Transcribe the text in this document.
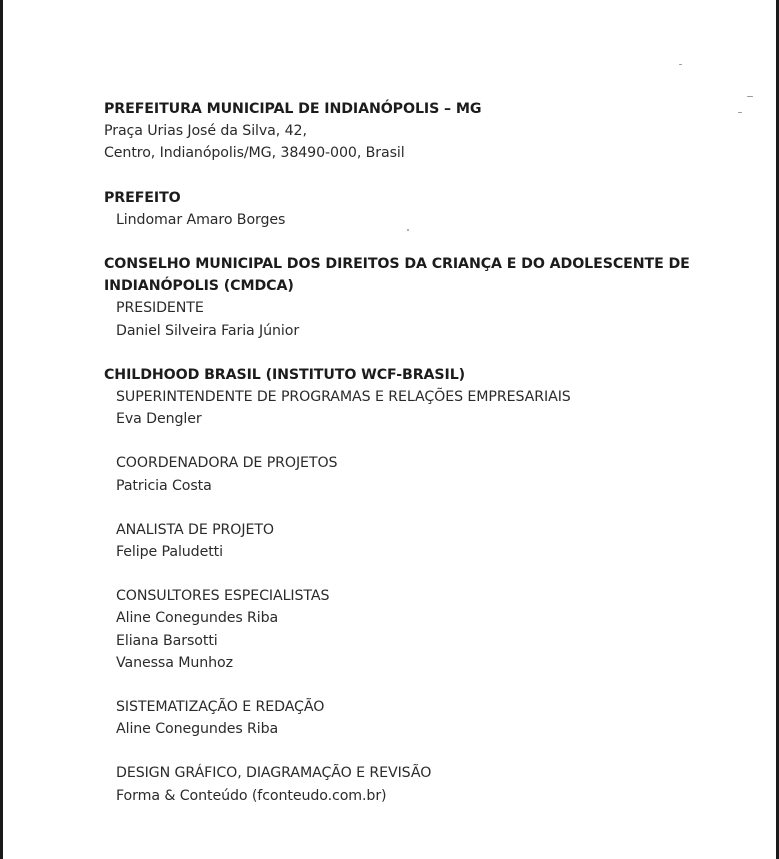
PREFEITURA MUNICIPAL DE INDIANÓPOLIS – MG
Praça Urias José da Silva, 42,
Centro, Indianópolis/MG, 38490-000, Brasil
PREFEITO
Lindomar Amaro Borges
CONSELHO MUNICIPAL DOS DIREITOS DA CRIANÇA E DO ADOLESCENTE DE
INDIANÓPOLIS (CMDCA)
PRESIDENTE
Daniel Silveira Faria Júnior
CHILDHOOD BRASIL (INSTITUTO WCF-BRASIL)
SUPERINTENDENTE DE PROGRAMAS E RELAÇÕES EMPRESARIAIS
Eva Dengler
COORDENADORA DE PROJETOS
Patricia Costa
ANALISTA DE PROJETO
Felipe Paludetti
CONSULTORES ESPECIALISTAS
Aline Conegundes Riba
Eliana Barsotti
Vanessa Munhoz
SISTEMATIZAÇÃO E REDAÇÃO
Aline Conegundes Riba
DESIGN GRÁFICO, DIAGRAMAÇÃO E REVISÃO
Forma & Conteúdo (fconteudo.com.br)
